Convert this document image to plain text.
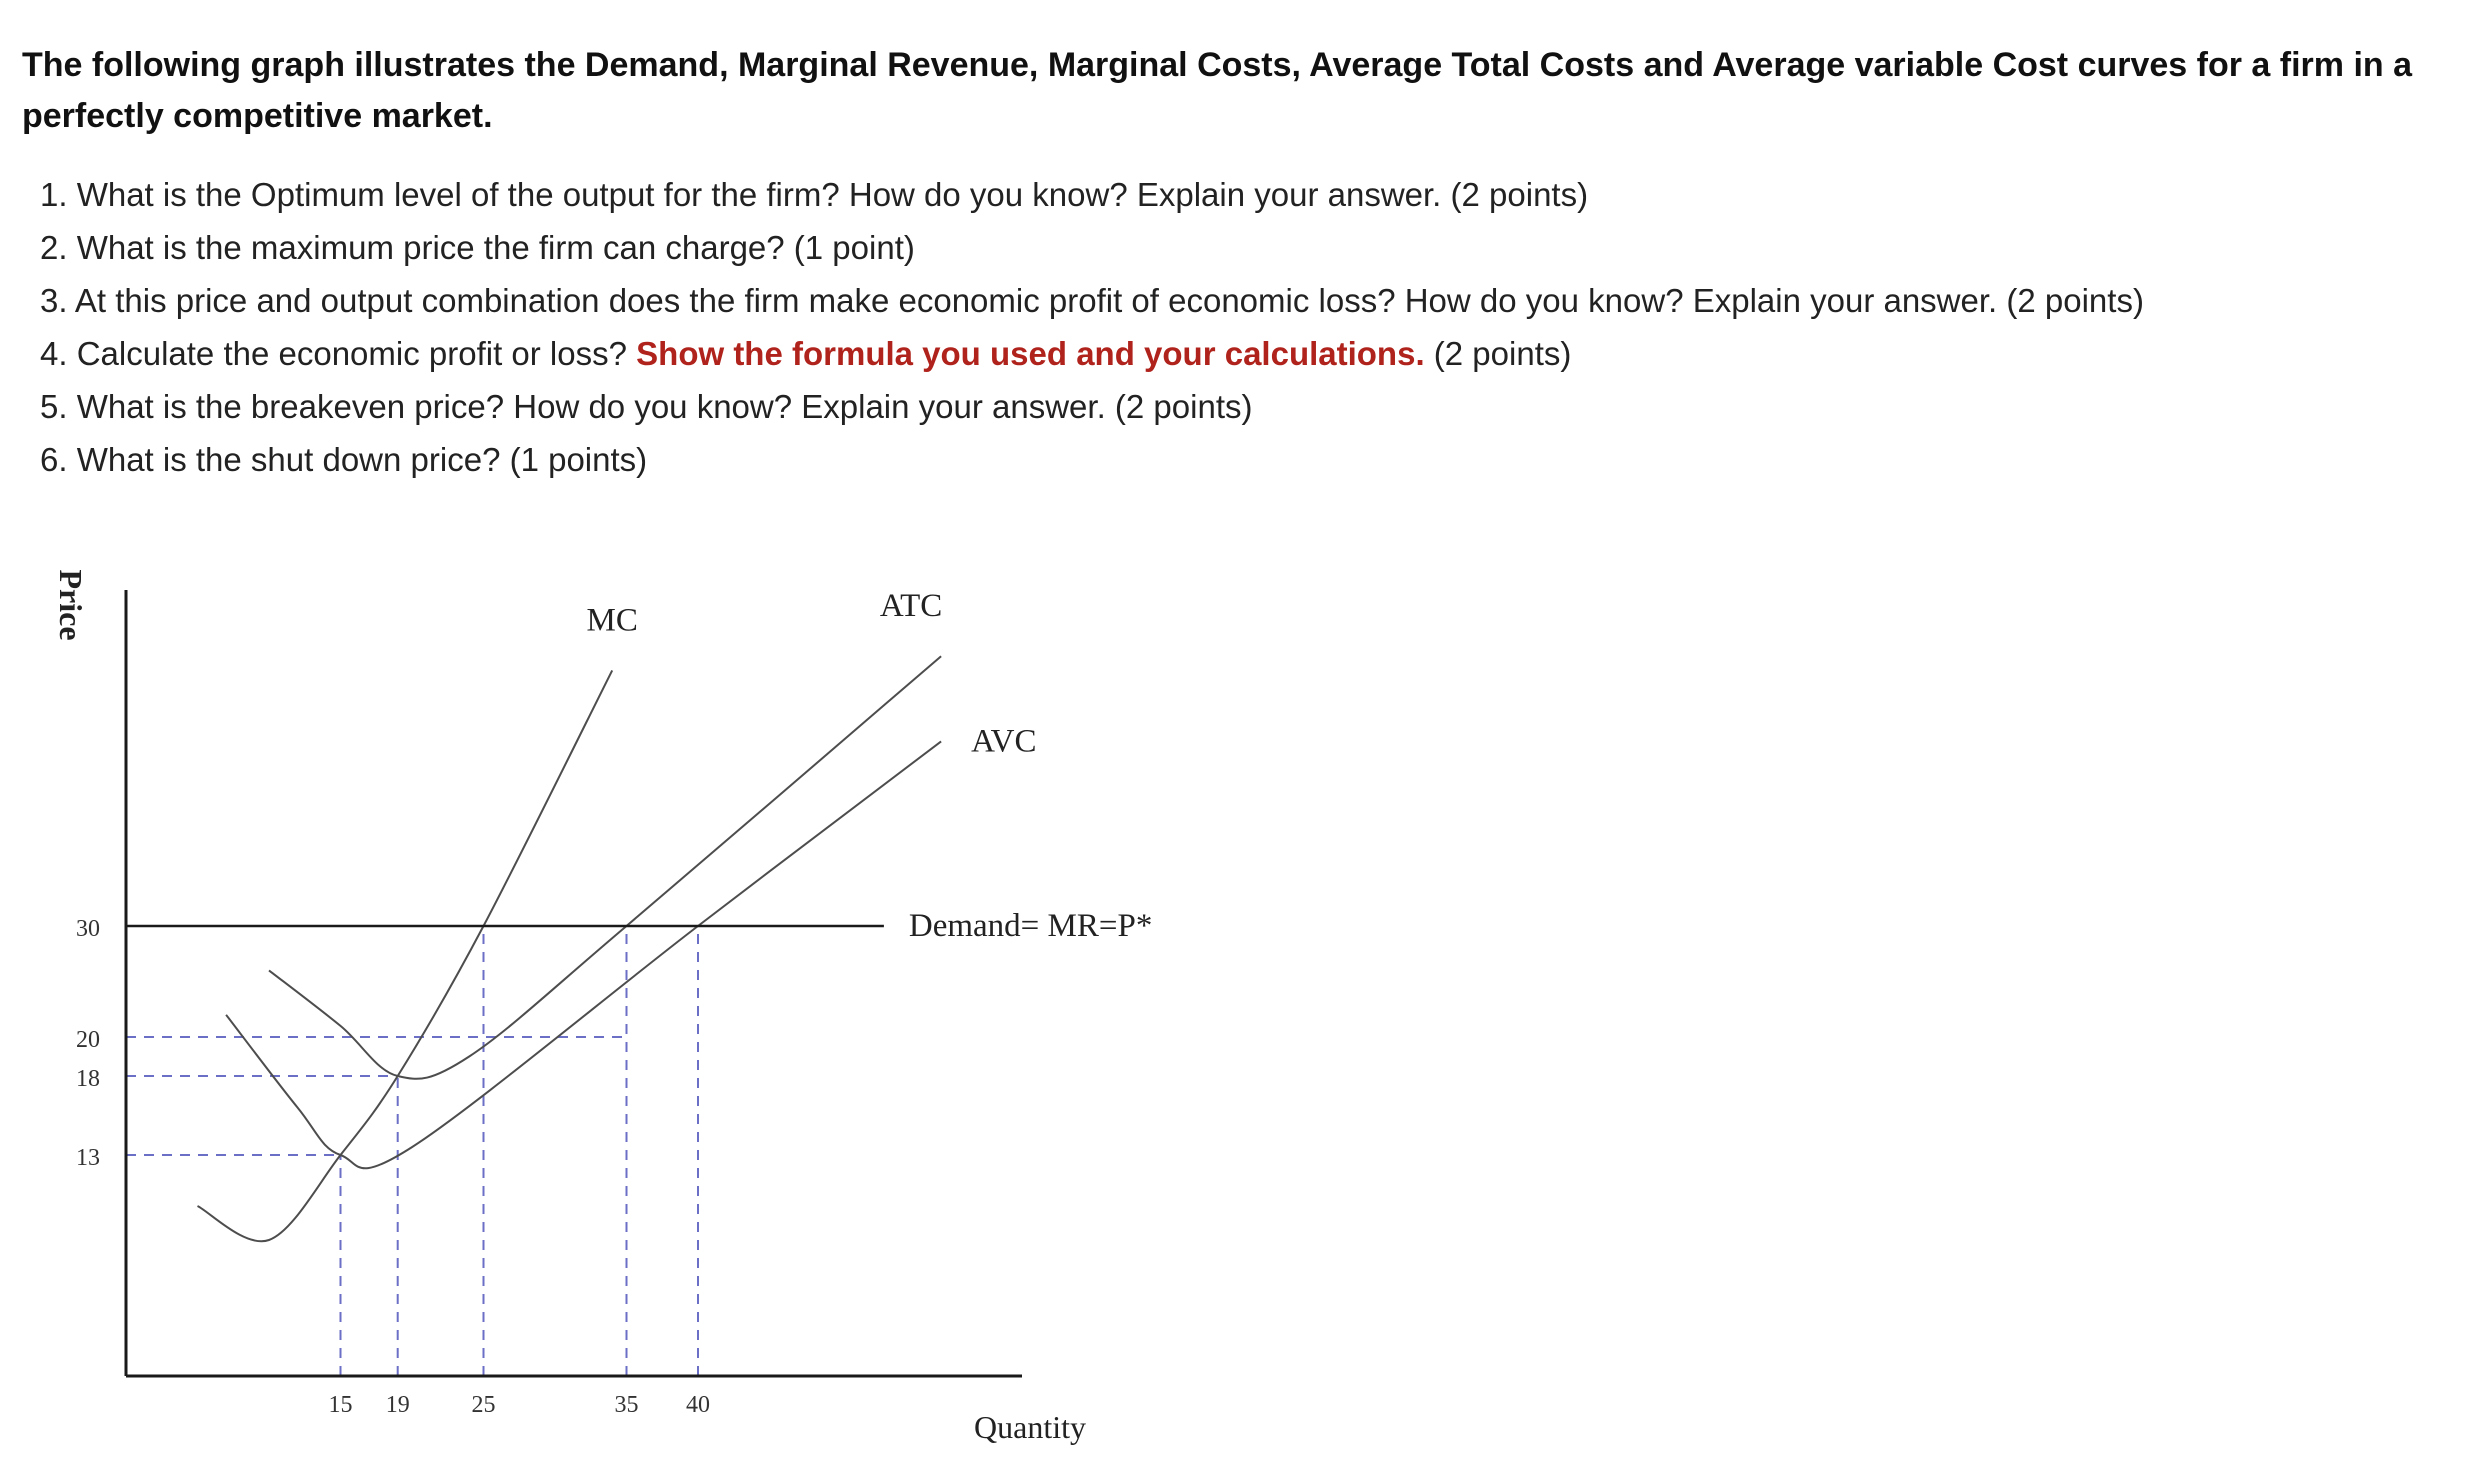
The following graph illustrates the Demand, Marginal Revenue, Marginal Costs, Average Total Costs and Average variable Cost curves for a firm in a perfectly competitive market.

1. What is the Optimum level of the output for the firm? How do you know? Explain your answer. (2 points)
2. What is the maximum price the firm can charge? (1 point)
3. At this price and output combination does the firm make economic profit of economic loss? How do you know? Explain your answer. (2 points)
4. Calculate the economic profit or loss? Show the formula you used and your calculations. (2 points)
5. What is the breakeven price? How do you know? Explain your answer. (2 points)
6. What is the shut down price? (1 points)
30
20
18
13
15 19	25	35 40
MC	ATC
AVC
Demand= MR=P*
Price
Quantity
